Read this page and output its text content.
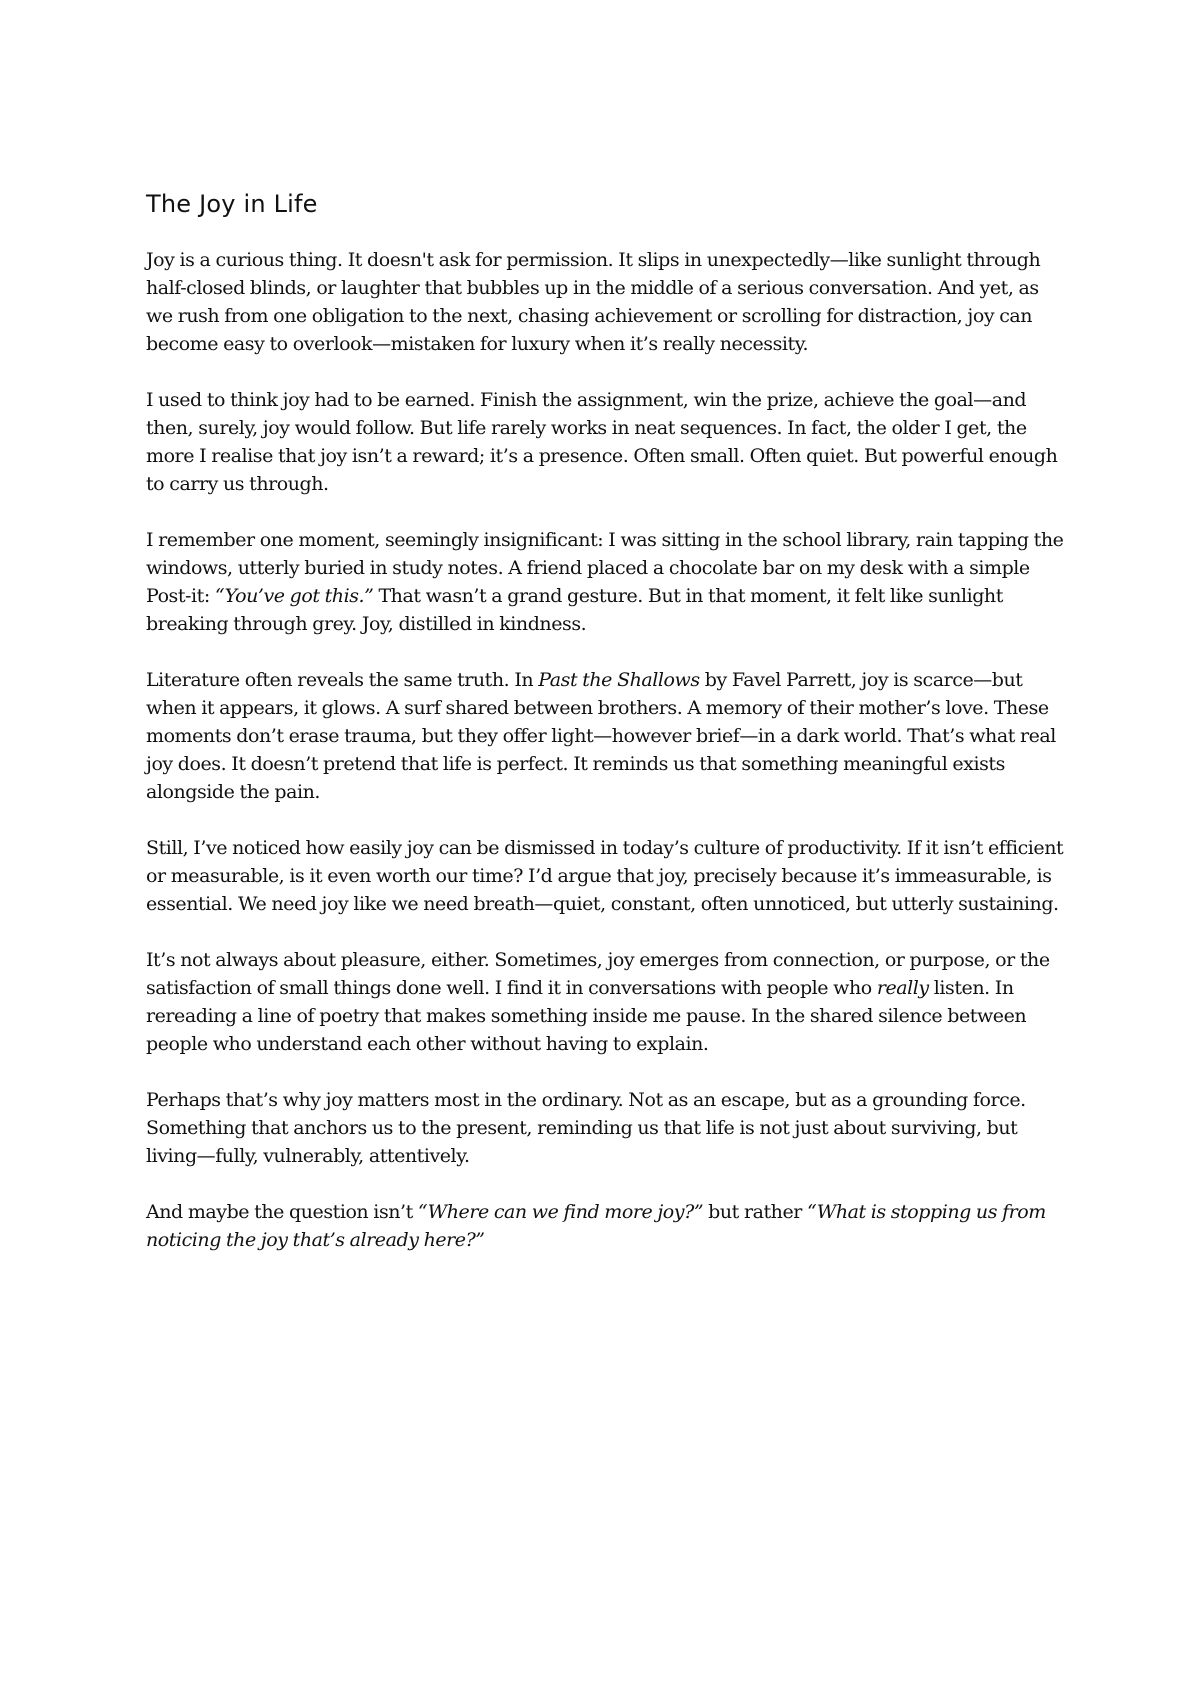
The Joy in Life

Joy is a curious thing. It doesn't ask for permission. It slips in unexpectedly—like sunlight through half-closed blinds, or laughter that bubbles up in the middle of a serious conversation. And yet, as we rush from one obligation to the next, chasing achievement or scrolling for distraction, joy can become easy to overlook—mistaken for luxury when it’s really necessity.

I used to think joy had to be earned. Finish the assignment, win the prize, achieve the goal—and then, surely, joy would follow. But life rarely works in neat sequences. In fact, the older I get, the more I realise that joy isn’t a reward; it’s a presence. Often small. Often quiet. But powerful enough to carry us through.

I remember one moment, seemingly insignificant: I was sitting in the school library, rain tapping the windows, utterly buried in study notes. A friend placed a chocolate bar on my desk with a simple Post-it: “You’ve got this.” That wasn’t a grand gesture. But in that moment, it felt like sunlight breaking through grey. Joy, distilled in kindness.

Literature often reveals the same truth. In Past the Shallows by Favel Parrett, joy is scarce—but when it appears, it glows. A surf shared between brothers. A memory of their mother’s love. These moments don’t erase trauma, but they offer light—however brief—in a dark world. That’s what real joy does. It doesn’t pretend that life is perfect. It reminds us that something meaningful exists alongside the pain.

Still, I’ve noticed how easily joy can be dismissed in today’s culture of productivity. If it isn’t efficient or measurable, is it even worth our time? I’d argue that joy, precisely because it’s immeasurable, is essential. We need joy like we need breath—quiet, constant, often unnoticed, but utterly sustaining.

It’s not always about pleasure, either. Sometimes, joy emerges from connection, or purpose, or the satisfaction of small things done well. I find it in conversations with people who really listen. In rereading a line of poetry that makes something inside me pause. In the shared silence between people who understand each other without having to explain.

Perhaps that’s why joy matters most in the ordinary. Not as an escape, but as a grounding force. Something that anchors us to the present, reminding us that life is not just about surviving, but living—fully, vulnerably, attentively.

And maybe the question isn’t “Where can we find more joy?” but rather “What is stopping us from noticing the joy that’s already here?”
